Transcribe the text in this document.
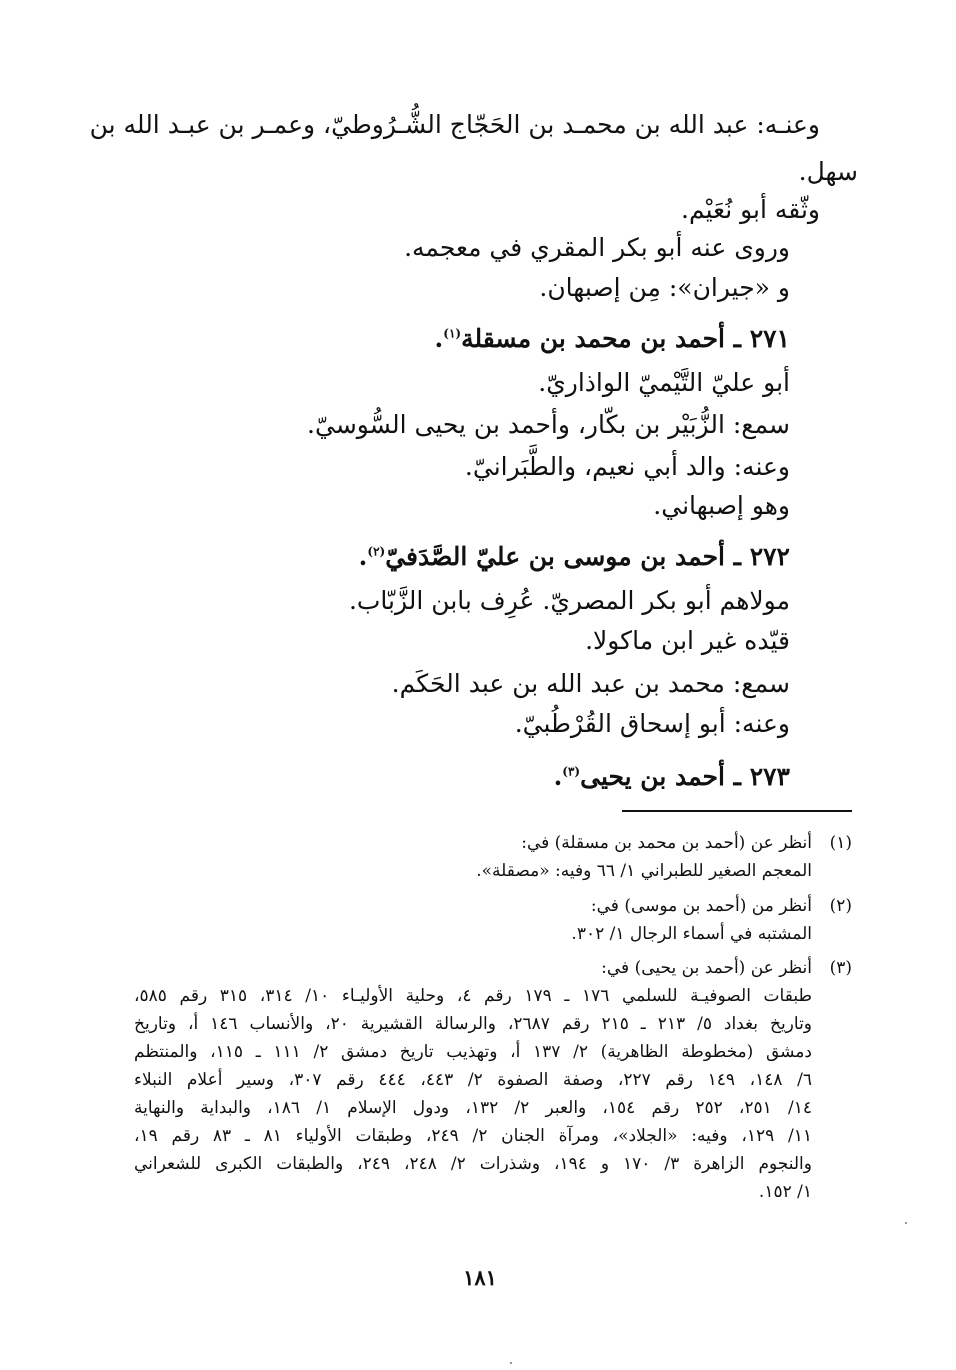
وعنـه: عبد الله بن محمـد بن الحَجّاج الشُّـرُوطيّ، وعمـر بن عبـد الله بن
سهل.
وثّقه أبو نُعَيْم.
وروى عنه أبو بكر المقري في معجمه.
و «جيران»: مِن إصبهان.
٢٧١ ـ أحمد بن محمد بن مسقلة$^{(١)}$.
أبو عليّ التَّيْميّ الواذاريّ.
سمع: الزُّبَيْر بن بكّار، وأحمد بن يحيى السُّوسيّ.
وعنه: والد أبي نعيم، والطَّبَرانيّ.
وهو إصبهاني.
٢٧٢ ـ أحمد بن موسى بن عليّ الصَّدَفيّ$^{(٢)}$.
مولاهم أبو بكر المصريّ. عُرِف بابن الزَّبّاب.
قيّده غير ابن ماكولا.
سمع: محمد بن عبد الله بن عبد الحَكَم.
وعنه: أبو إسحاق القُرْطُبيّ.
٢٧٣ ـ أحمد بن يحيى$^{(٣)}$.
(١)أنظر عن (أحمد بن محمد بن مسقلة) في:
المعجم الصغير للطبراني ١/ ٦٦ وفيه: «مصقلة».
(٢)أنظر من (أحمد بن موسى) في:
المشتبه في أسماء الرجال ١/ ٣٠٢.
(٣)أنظر عن (أحمد بن يحيى) في:
طبقات الصوفيـة للسلمي ١٧٦ ـ ١٧٩ رقم ٤، وحلية الأوليـاء ١٠/ ٣١٤، ٣١٥ رقم ٥٨٥،
وتاريخ بغداد ٥/ ٢١٣ ـ ٢١٥ رقم ٢٦٨٧، والرسالة القشيرية ٢٠، والأنساب ١٤٦ أ، وتاريخ
دمشق (مخطوطة الظاهرية) ٢/ ١٣٧ أ، وتهذيب تاريخ دمشق ٢/ ١١١ ـ ١١٥، والمنتظم
٦/ ١٤٨، ١٤٩ رقم ٢٢٧، وصفة الصفوة ٢/ ٤٤٣، ٤٤٤ رقم ٣٠٧، وسير أعلام النبلاء
١٤/ ٢٥١، ٢٥٢ رقم ١٥٤، والعبر ٢/ ١٣٢، ودول الإسلام ١/ ١٨٦، والبداية والنهاية
١١/ ١٢٩، وفيه: «الجلاد»، ومرآة الجنان ٢/ ٢٤٩، وطبقات الأولياء ٨١ ـ ٨٣ رقم ١٩،
والنجوم الزاهرة ٣/ ١٧٠ و ١٩٤، وشذرات ٢/ ٢٤٨، ٢٤٩، والطبقات الكبرى للشعراني
١/ ١٥٢.
١٨١
